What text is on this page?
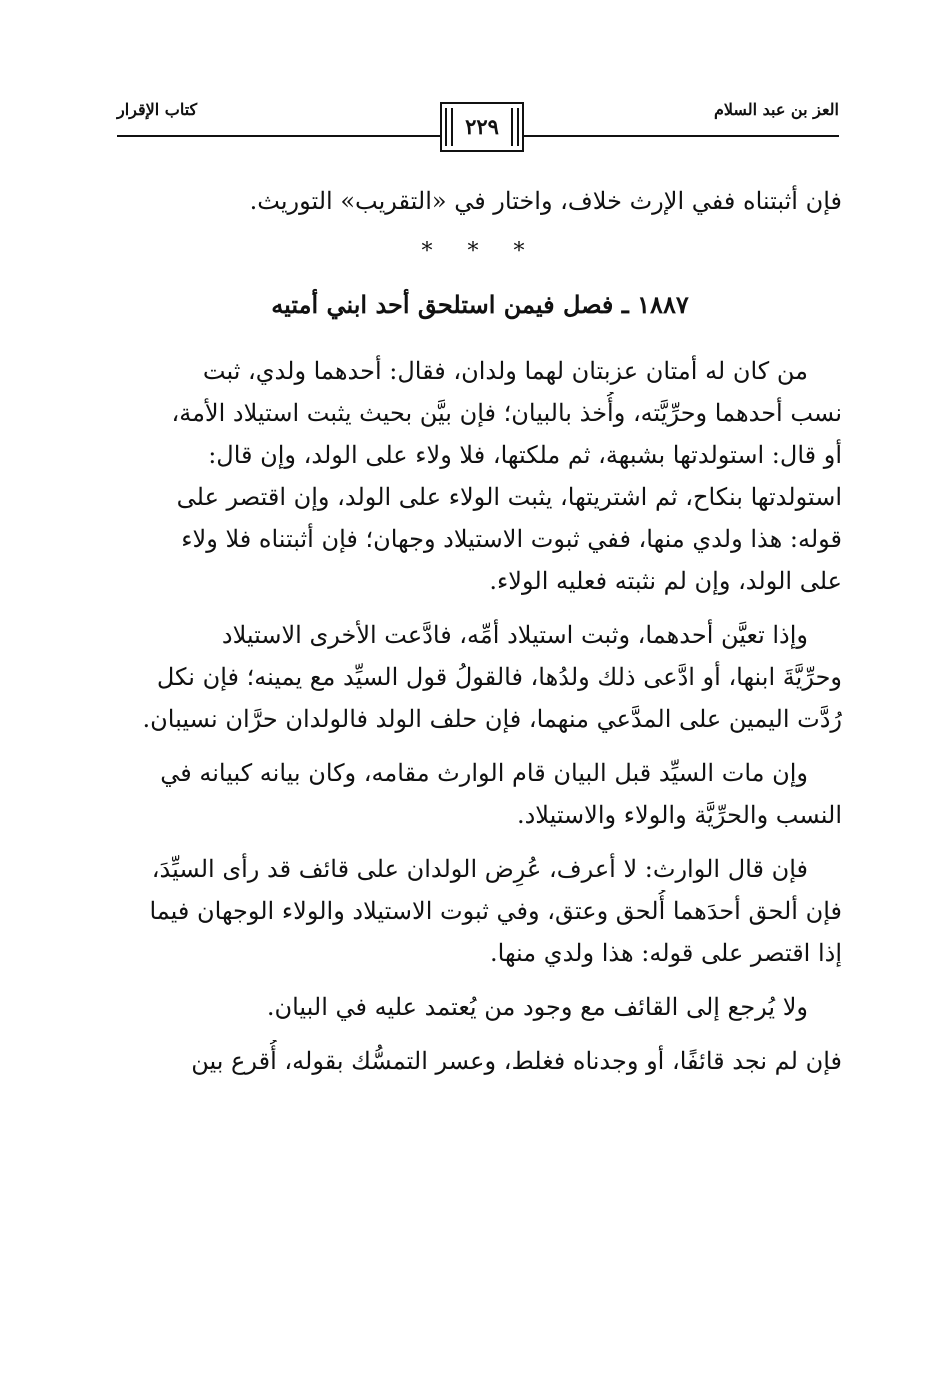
العز بن عبد السلام
كتاب الإقرار
٢٢٩
فإن أثبتناه ففي الإرث خلاف، واختار في «التقريب» التوريث.
* * *
١٨٨٧ ـ فصل فيمن استلحق أحد ابني أمتيه
من كان له أمتان عزبتان لهما ولدان، فقال: أحدهما ولدي، ثبت
نسب أحدهما وحرِّيَّته، وأُخذ بالبيان؛ فإن بيَّن بحيث يثبت استيلاد الأمة،
أو قال: استولدتها بشبهة، ثم ملكتها، فلا ولاء على الولد، وإن قال:
استولدتها بنكاح، ثم اشتريتها، يثبت الولاء على الولد، وإن اقتصر على
قوله: هذا ولدي منها، ففي ثبوت الاستيلاد وجهان؛ فإن أثبتناه فلا ولاء
على الولد، وإن لم نثبته فعليه الولاء.
وإذا تعيَّن أحدهما، وثبت استيلاد أمِّه، فادَّعت الأخرى الاستيلاد
وحرِّيَّةَ ابنها، أو ادَّعى ذلك ولدُها، فالقولُ قول السيِّد مع يمينه؛ فإن نكل
رُدَّت اليمين على المدَّعي منهما، فإن حلف الولد فالولدان حرَّان نسيبان.
وإن مات السيِّد قبل البيان قام الوارث مقامه، وكان بيانه كبيانه في
النسب والحرِّيَّة والولاء والاستيلاد.
فإن قال الوارث: لا أعرف، عُرِض الولدان على قائف قد رأى السيِّدَ،
فإن ألحق أحدَهما أُلحق وعتق، وفي ثبوت الاستيلاد والولاء الوجهان فيما
إذا اقتصر على قوله: هذا ولدي منها.
ولا يُرجع إلى القائف مع وجود من يُعتمد عليه في البيان.
فإن لم نجد قائفًا، أو وجدناه فغلط، وعسر التمسُّك بقوله، أُقرع بين
